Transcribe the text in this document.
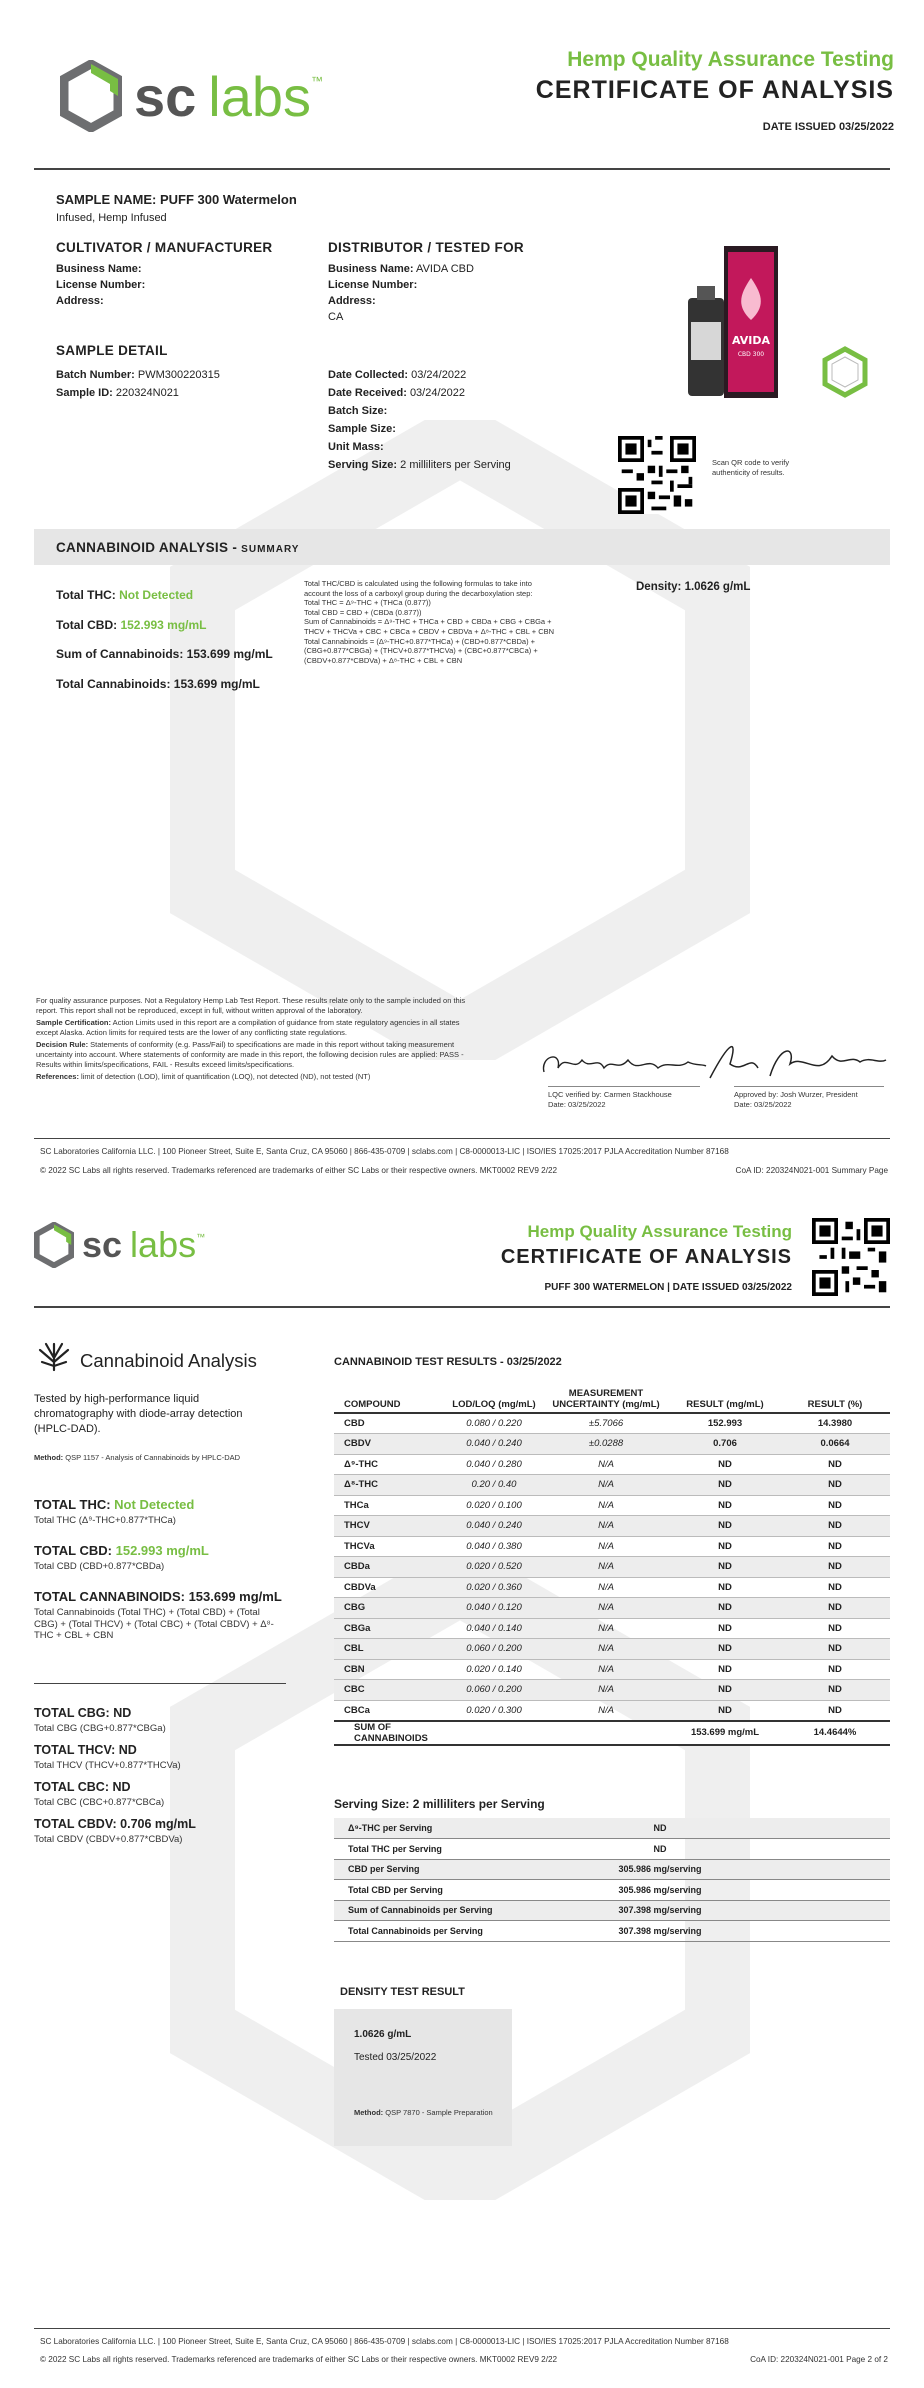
sc labs ™
Hemp Quality Assurance Testing
CERTIFICATE OF ANALYSIS
DATE ISSUED 03/25/2022
SAMPLE NAME: PUFF 300 Watermelon
Infused, Hemp Infused
CULTIVATOR / MANUFACTURER
Business Name:
License Number:
Address:
DISTRIBUTOR / TESTED FOR
Business Name: AVIDA CBD
License Number:
Address:
CA
SAMPLE DETAIL
Batch Number: PWM300220315
Sample ID: 220324N021
Date Collected: 03/24/2022
Date Received: 03/24/2022
Batch Size:
Sample Size:
Unit Mass:
Serving Size: 2 milliliters per Serving
AVIDA
CBD 300
Scan QR code to verify authenticity of results.
CANNABINOID ANALYSIS - SUMMARY
Total THC: Not Detected
Total CBD: 152.993 mg/mL
Sum of Cannabinoids: 153.699 mg/mL
Total Cannabinoids: 153.699 mg/mL
Total THC/CBD is calculated using the following formulas to take into
account the loss of a carboxyl group during the decarboxylation step:
Total THC = Δ⁹-THC + (THCa (0.877))
Total CBD = CBD + (CBDa (0.877))
Sum of Cannabinoids = Δ⁹-THC + THCa + CBD + CBDa + CBG + CBGa +
THCV + THCVa + CBC + CBCa + CBDV + CBDVa + Δ⁸-THC + CBL + CBN
Total Cannabinoids = (Δ⁹-THC+0.877*THCa) + (CBD+0.877*CBDa) +
(CBG+0.877*CBGa) + (THCV+0.877*THCVa) + (CBC+0.877*CBCa) +
(CBDV+0.877*CBDVa) + Δ⁸-THC + CBL + CBN
Density: 1.0626 g/mL
For quality assurance purposes. Not a Regulatory Hemp Lab Test Report. These results relate only to the sample included on this report. This report shall not be reproduced, except in full, without written approval of the laboratory.
Sample Certification: Action Limits used in this report are a compilation of guidance from state regulatory agencies in all states except Alaska. Action limits for required tests are the lower of any conflicting state regulations.
Decision Rule: Statements of conformity (e.g. Pass/Fail) to specifications are made in this report without taking measurement uncertainty into account. Where statements of conformity are made in this report, the following decision rules are applied: PASS - Results within limits/specifications, FAIL - Results exceed limits/specifications.
References: limit of detection (LOD), limit of quantification (LOQ), not detected (ND), not tested (NT)
LQC verified by: Carmen Stackhouse
Date: 03/25/2022
Approved by: Josh Wurzer, President
Date: 03/25/2022
SC Laboratories California LLC. | 100 Pioneer Street, Suite E, Santa Cruz, CA 95060 | 866-435-0709 | sclabs.com | C8-0000013-LIC | ISO/IES 17025:2017 PJLA Accreditation Number 87168
© 2022 SC Labs all rights reserved. Trademarks referenced are trademarks of either SC Labs or their respective owners. MKT0002 REV9 2/22	CoA ID: 220324N021-001 Summary Page
sc labs ™	Hemp Quality Assurance Testing
CERTIFICATE OF ANALYSIS
PUFF 300 WATERMELON | DATE ISSUED 03/25/2022
Cannabinoid Analysis
Tested by high-performance liquid chromatography with diode-array detection (HPLC-DAD).
Method: QSP 1157 - Analysis of Cannabinoids by HPLC-DAD
TOTAL THC: Not Detected
Total THC (Δ⁹-THC+0.877*THCa)
TOTAL CBD: 152.993 mg/mL
Total CBD (CBD+0.877*CBDa)
TOTAL CANNABINOIDS: 153.699 mg/mL
Total Cannabinoids (Total THC) + (Total CBD) + (Total CBG) + (Total THCV) + (Total CBC) + (Total CBDV) + Δ⁸-THC + CBL + CBN
TOTAL CBG: ND
Total CBG (CBG+0.877*CBGa)
TOTAL THCV: ND
Total THCV (THCV+0.877*THCVa)
TOTAL CBC: ND
Total CBC (CBC+0.877*CBCa)
TOTAL CBDV: 0.706 mg/mL
Total CBDV (CBDV+0.877*CBDVa)
CANNABINOID TEST RESULTS - 03/25/2022
COMPOUND	LOD/LOQ (mg/mL)	MEASUREMENT UNCERTAINTY (mg/mL)	RESULT (mg/mL)	RESULT (%)
CBD	0.080 / 0.220	±5.7066	152.993	14.3980
CBDV	0.040 / 0.240	±0.0288	0.706	0.0664
Δ⁹-THC	0.040 / 0.280	N/A	ND	ND
Δ⁸-THC	0.20 / 0.40	N/A	ND	ND
THCa	0.020 / 0.100	N/A	ND	ND
THCV	0.040 / 0.240	N/A	ND	ND
THCVa	0.040 / 0.380	N/A	ND	ND
CBDa	0.020 / 0.520	N/A	ND	ND
CBDVa	0.020 / 0.360	N/A	ND	ND
CBG	0.040 / 0.120	N/A	ND	ND
CBGa	0.040 / 0.140	N/A	ND	ND
CBL	0.060 / 0.200	N/A	ND	ND
CBN	0.020 / 0.140	N/A	ND	ND
CBC	0.060 / 0.200	N/A	ND	ND
CBCa	0.020 / 0.300	N/A	ND	ND
SUM OF CANNABINOIDS			153.699 mg/mL	14.4644%
Serving Size: 2 milliliters per Serving
Δ⁹-THC per Serving	ND	
Total THC per Serving	ND	
CBD per Serving	305.986 mg/serving	
Total CBD per Serving	305.986 mg/serving	
Sum of Cannabinoids per Serving	307.398 mg/serving	
Total Cannabinoids per Serving	307.398 mg/serving	
DENSITY TEST RESULT
1.0626 g/mL
Tested 03/25/2022
Method: QSP 7870 - Sample Preparation
SC Laboratories California LLC. | 100 Pioneer Street, Suite E, Santa Cruz, CA 95060 | 866-435-0709 | sclabs.com | C8-0000013-LIC | ISO/IES 17025:2017 PJLA Accreditation Number 87168
© 2022 SC Labs all rights reserved. Trademarks referenced are trademarks of either SC Labs or their respective owners. MKT0002 REV9 2/22	CoA ID: 220324N021-001 Page 2 of 2
